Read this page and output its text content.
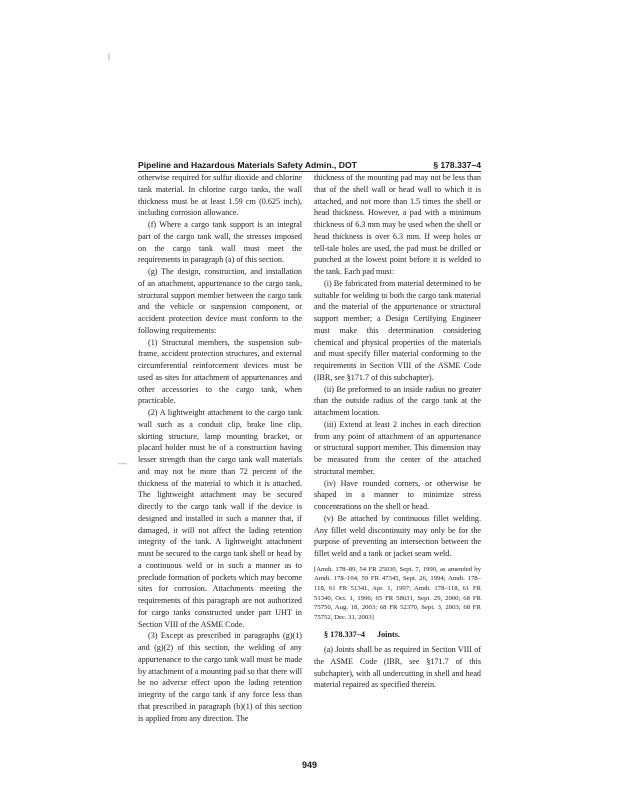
l
—
Pipeline and Hazardous Materials Safety Admin., DOT	§ 178.337–4

otherwise required for sulfur dioxide and chlorine tank material. In chlorine cargo tanks, the wall thickness must be at least 1.59 cm (0.625 inch), including corrosion allowance.

(f) Where a cargo tank support is an integral part of the cargo tank wall, the stresses imposed on the cargo tank wall must meet the requirements in paragraph (a) of this section.

(g) The design, construction, and installation of an attachment, appurtenance to the cargo tank, structural support member between the cargo tank and the vehicle or suspension component, or accident protection device must conform to the following requirements:

(1) Structural members, the suspension sub-frame, accident protection structures, and external circumferential reinforcement devices must be used as sites for attachment of appurtenances and other accessories to the cargo tank, when practicable.

(2) A lightweight attachment to the cargo tank wall such as a conduit clip, brake line clip, skirting structure, lamp mounting bracket, or placard holder must be of a construction having lesser strength than the cargo tank wall materials and may not be more than 72 percent of the thickness of the material to which it is attached. The lightweight attachment may be secured directly to the cargo tank wall if the device is designed and installed in such a manner that, if damaged, it will not affect the lading retention integrity of the tank. A lightweight attachment must be secured to the cargo tank shell or head by a continuous weld or in such a manner as to preclude formation of pockets which may become sites for corrosion. Attachments meeting the requirements of this paragraph are not authorized for cargo tanks constructed under part UHT in Section VIII of the ASME Code.

(3) Except as prescribed in paragraphs (g)(1) and (g)(2) of this section, the welding of any appurtenance to the cargo tank wall must be made by attachment of a mounting pad so that there will be no adverse effect upon the lading retention integrity of the cargo tank if any force less than that prescribed in paragraph (b)(1) of this section is applied from any direction. The

thickness of the mounting pad may not be less than that of the shell wall or head wall to which it is attached, and not more than 1.5 times the shell or head thickness. However, a pad with a minimum thickness of 6.3 mm may be used when the shell or head thickness is over 6.3 mm. If weep holes or tell-tale holes are used, the pad must be drilled or punched at the lowest point before it is welded to the tank. Each pad must:

(i) Be fabricated from material determined to be suitable for welding to both the cargo tank material and the material of the appurtenance or structural support member; a Design Certifying Engineer must make this determination considering chemical and physical properties of the materials and must specify filler material conforming to the requirements in Section VIII of the ASME Code (IBR, see §171.7 of this subchapter).

(ii) Be preformed to an inside radius no greater than the outside radius of the cargo tank at the attachment location.

(iii) Extend at least 2 inches in each direction from any point of attachment of an appurtenance or structural support member. This dimension may be measured from the center of the attached structural member.

(iv) Have rounded corners, or otherwise be shaped in a manner to minimize stress concentrations on the shell or head.

(v) Be attached by continuous fillet welding. Any fillet weld discontinuity may only be for the purpose of preventing an intersection between the fillet weld and a tank or jacket seam weld.

[Amdt. 178–89, 54 FR 25030, Sept. 7, 1990, as amended by Amdt. 178–104, 59 FR 47345, Sept. 26, 1994; Amdt. 178–118, 61 FR 51341, Apr. 1, 1997; Amdt. 178–118, 61 FR 51340, Oct. 1, 1996; 65 FR 58631, Sept. 29, 2000; 68 FR 75750, Aug. 18, 2003; 68 FR 52370, Sept. 3, 2003; 68 FR 75752, Dec. 31, 2003]

§ 178.337–4 Joints.

(a) Joints shall be as required in Section VIII of the ASME Code (IBR, see §171.7 of this subchapter), with all undercutting in shell and head material repaired as specified therein.

949
